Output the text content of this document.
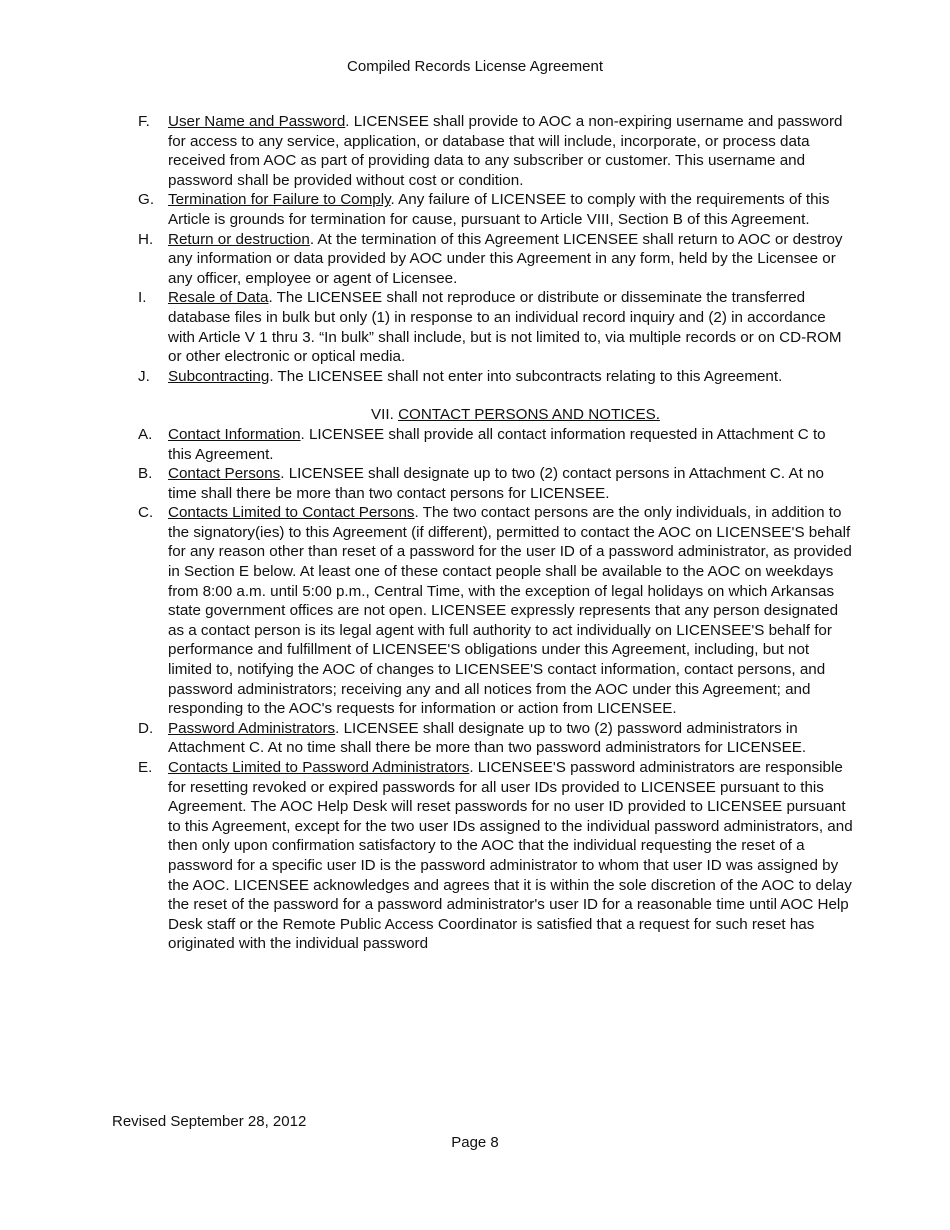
Compiled Records License Agreement
F.	User Name and Password. LICENSEE shall provide to AOC a non-expiring username and password for access to any service, application, or database that will include, incorporate, or process data received from AOC as part of providing data to any subscriber or customer. This username and password shall be provided without cost or condition.
G. Termination for Failure to Comply. Any failure of LICENSEE to comply with the requirements of this Article is grounds for termination for cause, pursuant to Article VIII, Section B of this Agreement.
H. Return or destruction. At the termination of this Agreement LICENSEE shall return to AOC or destroy any information or data provided by AOC under this Agreement in any form, held by the Licensee or any officer, employee or agent of Licensee.
I.	Resale of Data. The LICENSEE shall not reproduce or distribute or disseminate the transferred database files in bulk but only (1) in response to an individual record inquiry and (2) in accordance with Article V 1 thru 3. “In bulk” shall include, but is not limited to, via multiple records or on CD-ROM or other electronic or optical media.
J.	Subcontracting. The LICENSEE shall not enter into subcontracts relating to this Agreement.
VII. CONTACT PERSONS AND NOTICES.
A.	Contact Information. LICENSEE shall provide all contact information requested in Attachment C to this Agreement.
B.	Contact Persons. LICENSEE shall designate up to two (2) contact persons in Attachment C. At no time shall there be more than two contact persons for LICENSEE.
C. Contacts Limited to Contact Persons. The two contact persons are the only individuals, in addition to the signatory(ies) to this Agreement (if different), permitted to contact the AOC on LICENSEE'S behalf for any reason other than reset of a password for the user ID of a password administrator, as provided in Section E below. At least one of these contact people shall be available to the AOC on weekdays from 8:00 a.m. until 5:00 p.m., Central Time, with the exception of legal holidays on which Arkansas state government offices are not open. LICENSEE expressly represents that any person designated as a contact person is its legal agent with full authority to act individually on LICENSEE'S behalf for performance and fulfillment of LICENSEE'S obligations under this Agreement, including, but not limited to, notifying the AOC of changes to LICENSEE'S contact information, contact persons, and password administrators; receiving any and all notices from the AOC under this Agreement; and responding to the AOC's requests for information or action from LICENSEE.
D. Password Administrators. LICENSEE shall designate up to two (2) password administrators in Attachment C. At no time shall there be more than two password administrators for LICENSEE.
E.	Contacts Limited to Password Administrators. LICENSEE'S password administrators are responsible for resetting revoked or expired passwords for all user IDs provided to LICENSEE pursuant to this Agreement. The AOC Help Desk will reset passwords for no user ID provided to LICENSEE pursuant to this Agreement, except for the two user IDs assigned to the individual password administrators, and then only upon confirmation satisfactory to the AOC that the individual requesting the reset of a password for a specific user ID is the password administrator to whom that user ID was assigned by the AOC. LICENSEE acknowledges and agrees that it is within the sole discretion of the AOC to delay the reset of the password for a password administrator's user ID for a reasonable time until AOC Help Desk staff or the Remote Public Access Coordinator is satisfied that a request for such reset has originated with the individual password
Revised September 28, 2012
Page 8
